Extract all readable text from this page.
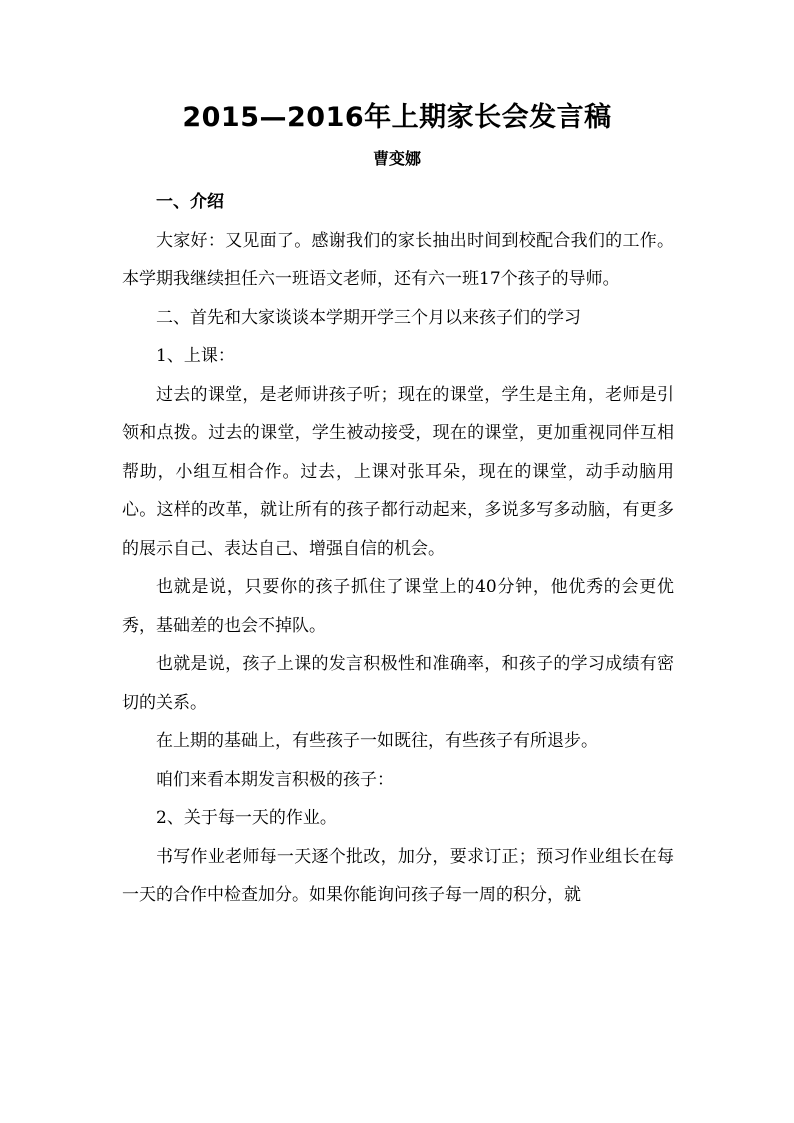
2015—2016年上期家长会发言稿
曹变娜

一、介绍

大家好：又见面了。感谢我们的家长抽出时间到校配合我们的工作。本学期我继续担任六一班语文老师，还有六一班17个孩子的导师。

二、首先和大家谈谈本学期开学三个月以来孩子们的学习

1、上课：

过去的课堂，是老师讲孩子听；现在的课堂，学生是主角，老师是引领和点拨。过去的课堂，学生被动接受，现在的课堂，更加重视同伴互相帮助，小组互相合作。过去，上课对张耳朵，现在的课堂，动手动脑用心。这样的改革，就让所有的孩子都行动起来，多说多写多动脑，有更多的展示自己、表达自己、增强自信的机会。

也就是说，只要你的孩子抓住了课堂上的40分钟，他优秀的会更优秀，基础差的也会不掉队。

也就是说，孩子上课的发言积极性和准确率，和孩子的学习成绩有密切的关系。

在上期的基础上，有些孩子一如既往，有些孩子有所退步。

咱们来看本期发言积极的孩子：

2、关于每一天的作业。

书写作业老师每一天逐个批改，加分，要求订正；预习作业组长在每一天的合作中检查加分。如果你能询问孩子每一周的积分，就
